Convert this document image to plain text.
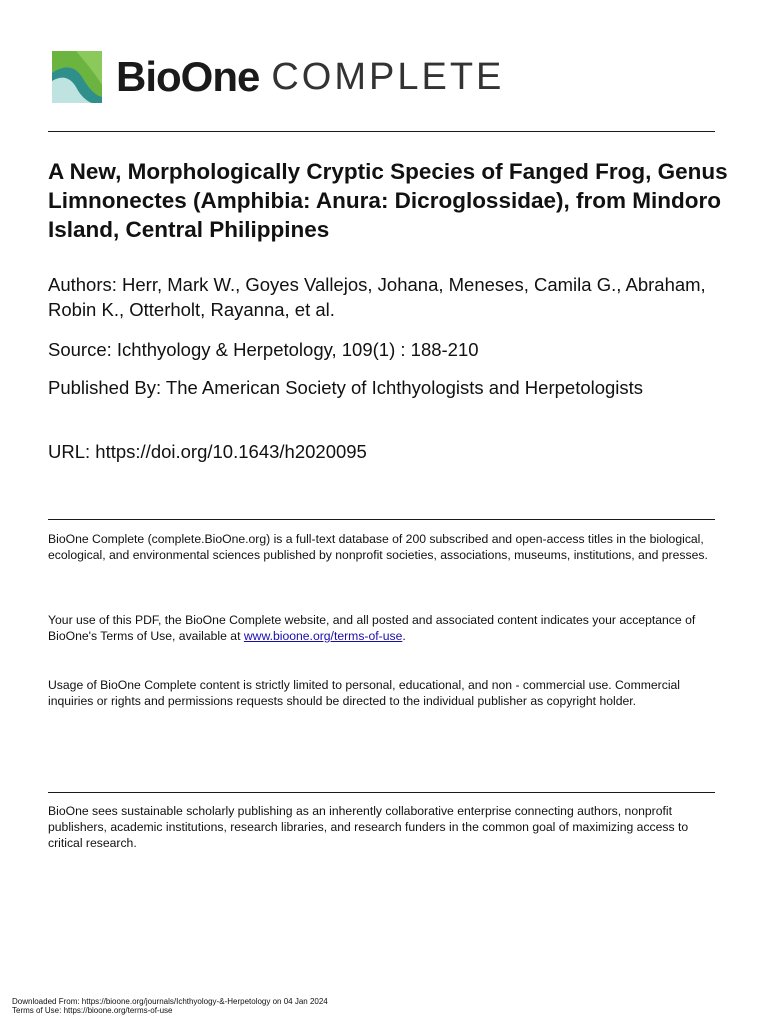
BioOne COMPLETE
A New, Morphologically Cryptic Species of Fanged Frog, Genus Limnonectes (Amphibia: Anura: Dicroglossidae), from Mindoro Island, Central Philippines

Authors: Herr, Mark W., Goyes Vallejos, Johana, Meneses, Camila G., Abraham, Robin K., Otterholt, Rayanna, et al.

Source: Ichthyology & Herpetology, 109(1) : 188-210

Published By: The American Society of Ichthyologists and Herpetologists

URL: https://doi.org/10.1643/h2020095

BioOne Complete (complete.BioOne.org) is a full-text database of 200 subscribed and open-access titles in the biological, ecological, and environmental sciences published by nonprofit societies, associations, museums, institutions, and presses.

Your use of this PDF, the BioOne Complete website, and all posted and associated content indicates your acceptance of BioOne's Terms of Use, available at www.bioone.org/terms-of-use.

Usage of BioOne Complete content is strictly limited to personal, educational, and non - commercial use. Commercial inquiries or rights and permissions requests should be directed to the individual publisher as copyright holder.

BioOne sees sustainable scholarly publishing as an inherently collaborative enterprise connecting authors, nonprofit publishers, academic institutions, research libraries, and research funders in the common goal of maximizing access to critical research.

Downloaded From: https://bioone.org/journals/Ichthyology-&-Herpetology on 04 Jan 2024
Terms of Use: https://bioone.org/terms-of-use
